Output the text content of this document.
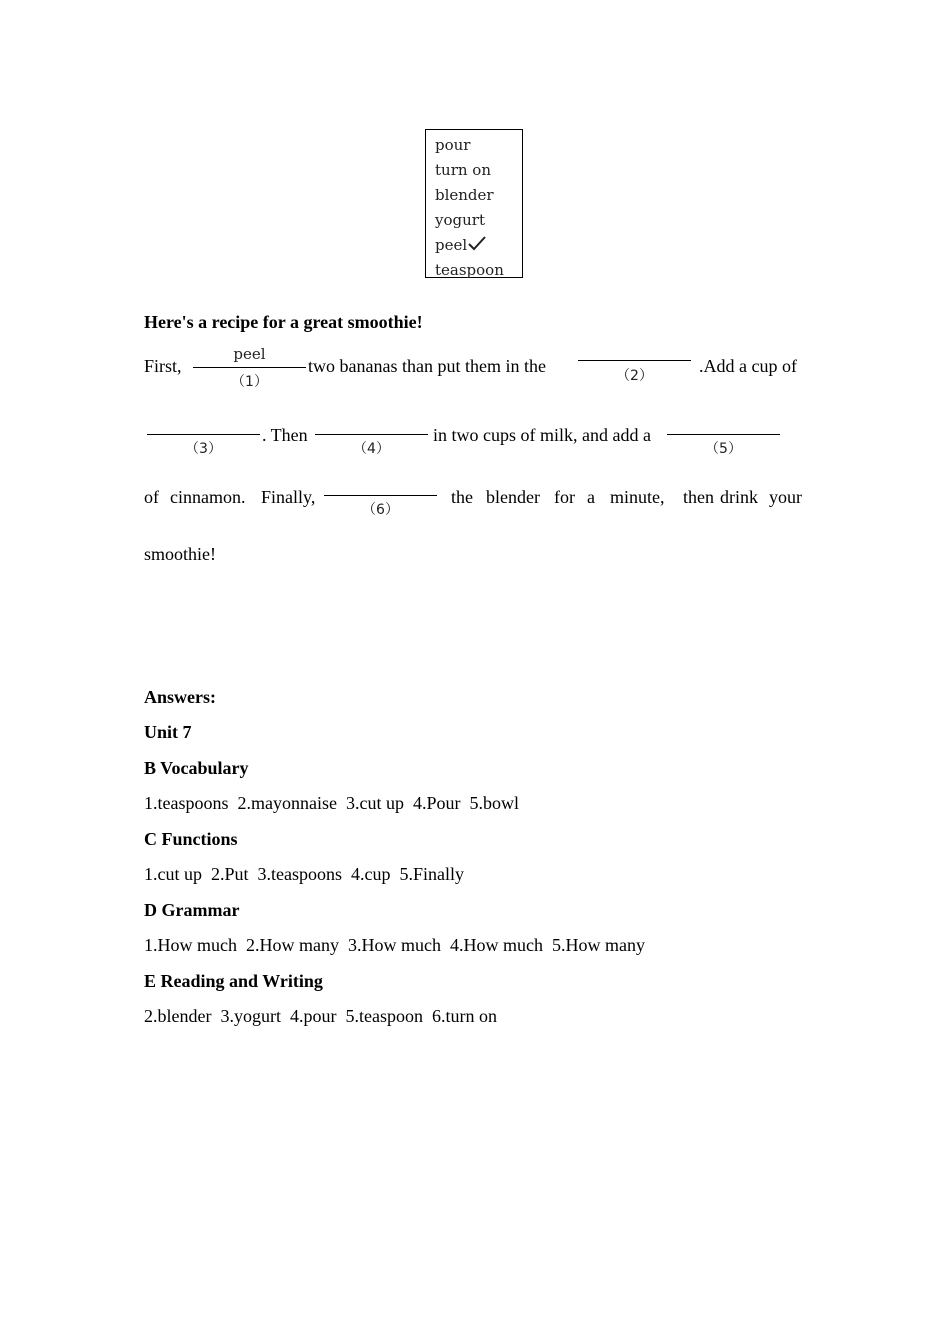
pour
turn on
blender
yogurt
peel
teaspoon
Here's a recipe for a great smoothie!
First,
peel
（1）
two bananas than put them in the	（2）	.Add a cup of
（3）
. Then
（4）
in two cups of milk, and add a
（5）
of cinnamon. Finally,
（6）
the blender for a minute, then drink your
smoothie!
Answers:
Unit 7
B Vocabulary
1.teaspoons  2.mayonnaise  3.cut up  4.Pour  5.bowl
C Functions
1.cut up  2.Put  3.teaspoons  4.cup  5.Finally
D Grammar
1.How much  2.How many  3.How much  4.How much  5.How many
E Reading and Writing
2.blender  3.yogurt  4.pour  5.teaspoon  6.turn on
